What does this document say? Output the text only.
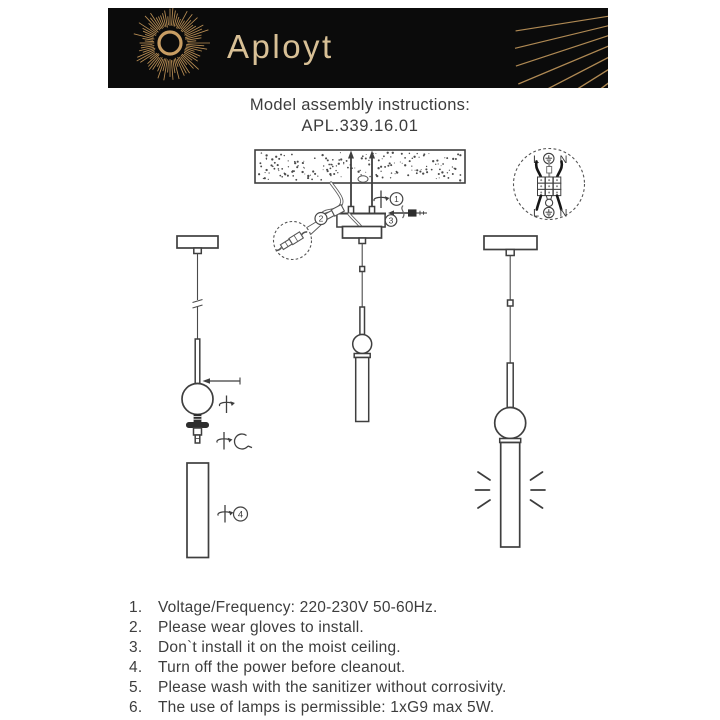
Aployt
Model assembly instructions:
APL.339.16.01
2
1
3
L N
L N
4
1.	Voltage/Frequency: 220-230V 50-60Hz.
2.	Please wear gloves to install.
3.	Don`t install it on the moist ceiling.
4.	Turn off the power before cleanout.
5.	Please wash with the sanitizer without corrosivity.
6.	The use of lamps is permissible: 1xG9 max 5W.
